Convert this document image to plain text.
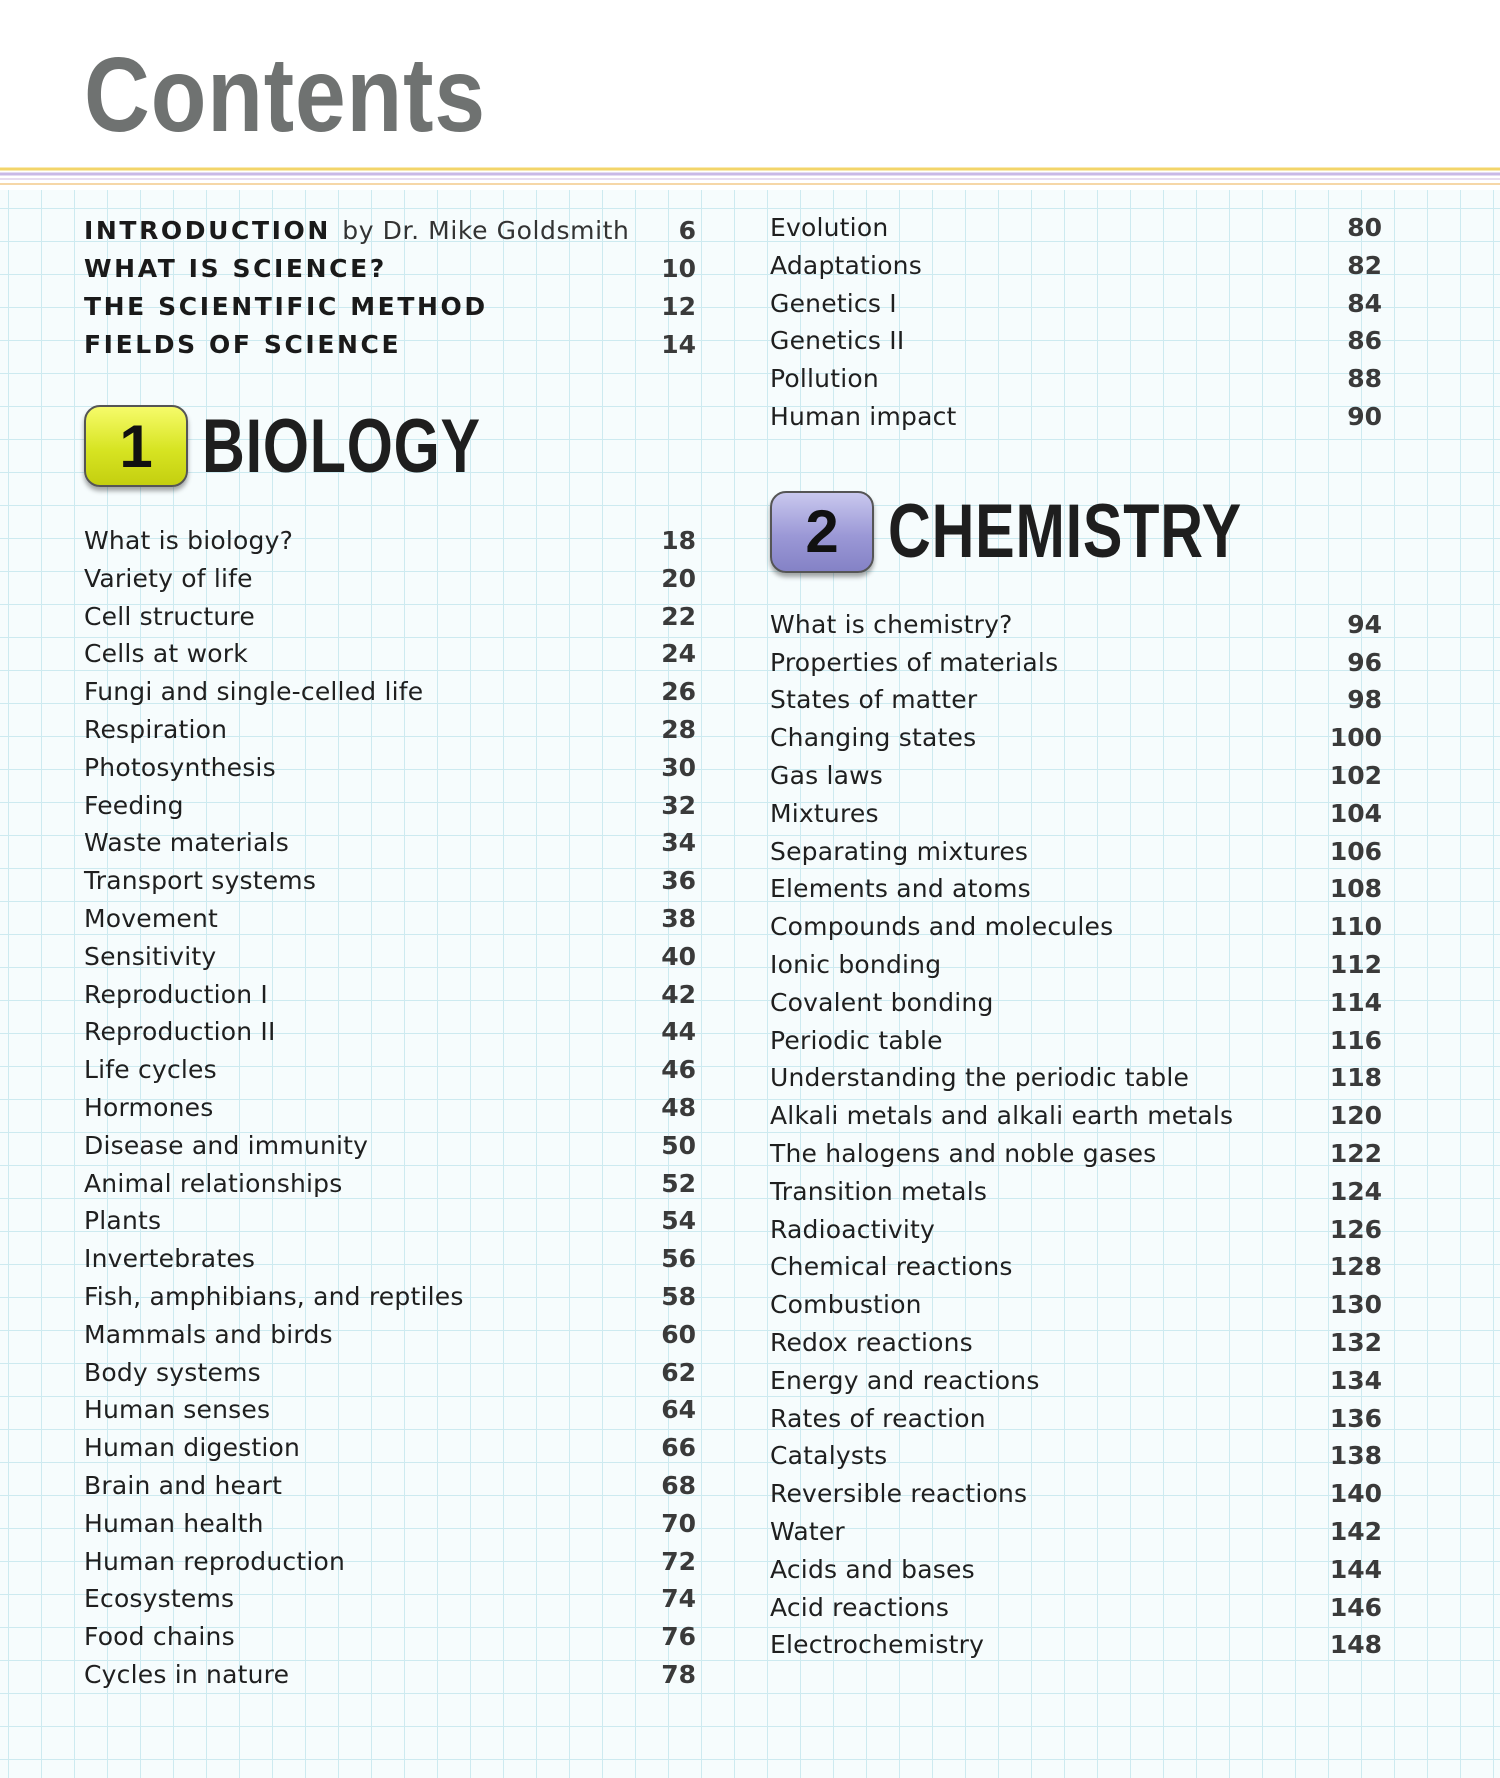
Contents
INTRODUCTION by Dr. Mike Goldsmith 6
WHAT IS SCIENCE?	10
THE SCIENTIFIC METHOD	12
FIELDS OF SCIENCE	14
1 BIOLOGY
What is biology?	18
Variety of life	20
Cell structure	22
Cells at work	24
Fungi and single-celled life	26
Respiration	28
Photosynthesis	30
Feeding	32
Waste materials	34
Transport systems	36
Movement	38
Sensitivity	40
Reproduction I	42
Reproduction II	44
Life cycles	46
Hormones	48
Disease and immunity	50
Animal relationships	52
Plants	54
Invertebrates	56
Fish, amphibians, and reptiles	58
Mammals and birds	60
Body systems	62
Human senses	64
Human digestion	66
Brain and heart	68
Human health	70
Human reproduction	72
Ecosystems	74
Food chains	76
Cycles in nature	78
Evolution	80
Adaptations	82
Genetics I	84
Genetics II	86
Pollution	88
Human impact	90
2 CHEMISTRY
What is chemistry?	94
Properties of materials	96
States of matter	98
Changing states	100
Gas laws	102
Mixtures	104
Separating mixtures	106
Elements and atoms	108
Compounds and molecules	110
Ionic bonding	112
Covalent bonding	114
Periodic table	116
Understanding the periodic table	118
Alkali metals and alkali earth metals	120
The halogens and noble gases	122
Transition metals	124
Radioactivity	126
Chemical reactions	128
Combustion	130
Redox reactions	132
Energy and reactions	134
Rates of reaction	136
Catalysts	138
Reversible reactions	140
Water	142
Acids and bases	144
Acid reactions	146
Electrochemistry	148
